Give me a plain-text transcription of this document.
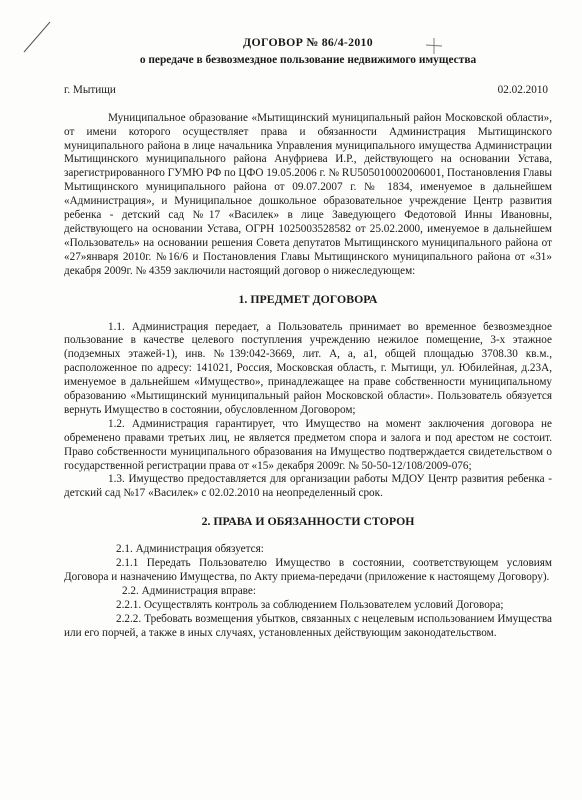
ДОГОВОР № 86/4-2010
о передаче в безвозмездное пользование недвижимого имущества
г. Мытищи	02.02.2010

Муниципальное образование «Мытищинский муниципальный район Московской области», от имени которого осуществляет права и обязанности Администрация Мытищинского муниципального района в лице начальника Управления муниципального имущества Администрации Мытищинского муниципального района Ануфриева И.Р., действующего на основании Устава, зарегистрированного ГУМЮ РФ по ЦФО 19.05.2006 г. № RU505010002006001, Постановления Главы Мытищинского муниципального района от 09.07.2007 г. № 1834, именуемое в дальнейшем «Администрация», и Муниципальное дошкольное образовательное учреждение Центр развития ребенка - детский сад №17 «Василек» в лице Заведующего Федотовой Инны Ивановны, действующего на основании Устава, ОГРН 1025003528582 от 25.02.2000, именуемое в дальнейшем «Пользователь» на основании решения Совета депутатов Мытищинского муниципального района от «27»января 2010г. №16/6 и Постановления Главы Мытищинского муниципального района от «31» декабря 2009г. № 4359 заключили настоящий договор о нижеследующем:

1. ПРЕДМЕТ ДОГОВОРА

1.1. Администрация передает, а Пользователь принимает во временное безвозмездное пользование в качестве целевого поступления учреждению нежилое помещение, 3-х этажное (подземных этажей-1), инв. №139:042-3669, лит. А, а, а1, общей площадью 3708.30 кв.м., расположенное по адресу: 141021, Россия, Московская область, г. Мытищи, ул. Юбилейная, д.23А, именуемое в дальнейшем «Имущество», принадлежащее на праве собственности муниципальному образованию «Мытищинский муниципальный район Московской области». Пользователь обязуется вернуть Имущество в состоянии, обусловленном Договором;

1.2. Администрация гарантирует, что Имущество на момент заключения договора не обременено правами третьих лиц, не является предметом спора и залога и под арестом не состоит. Право собственности муниципального образования на Имущество подтверждается свидетельством о государственной регистрации права от «15» декабря 2009г. № 50-50-12/108/2009-076;

1.3. Имущество предоставляется для организации работы МДОУ Центр развития ребенка - детский сад №17 «Василек» с 02.02.2010 на неопределенный срок.

2. ПРАВА И ОБЯЗАННОСТИ СТОРОН

2.1. Администрация обязуется:

2.1.1 Передать Пользователю Имущество в состоянии, соответствующем условиям Договора и назначению Имущества, по Акту приема-передачи (приложение к настоящему Договору).

2.2. Администрация вправе:

2.2.1. Осуществлять контроль за соблюдением Пользователем условий Договора;

2.2.2. Требовать возмещения убытков, связанных с нецелевым использованием Имущества или его порчей, а также в иных случаях, установленных действующим законодательством.
